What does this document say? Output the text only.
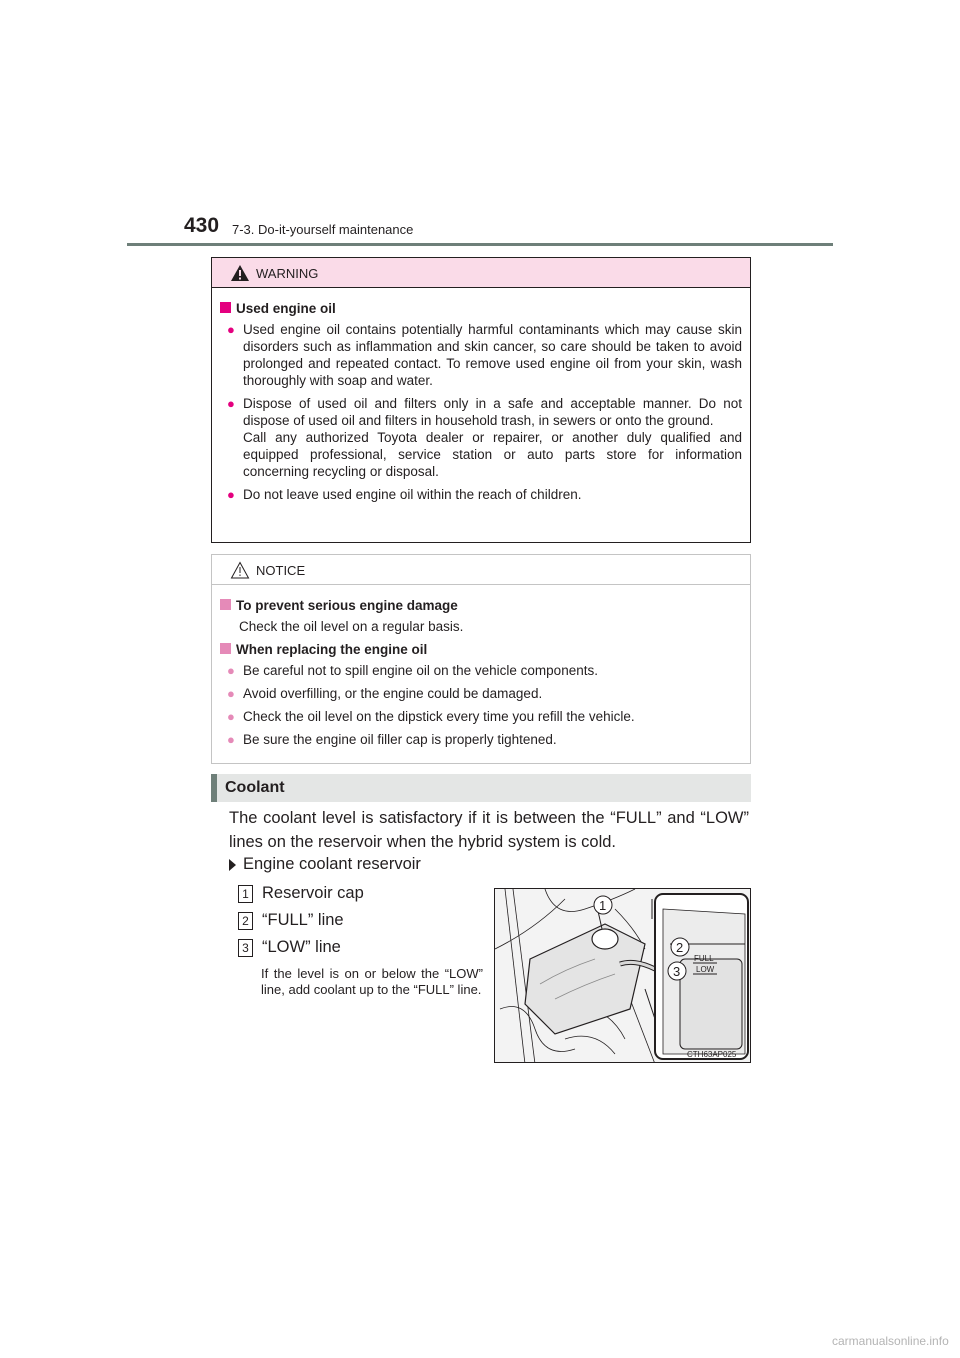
430 7-3. Do-it-yourself maintenance
WARNING
Used engine oil
● Used engine oil contains potentially harmful contaminants which may cause skin disorders such as inflammation and skin cancer, so care should be taken to avoid prolonged and repeated contact. To remove used engine oil from your skin, wash thoroughly with soap and water.
● Dispose of used oil and filters only in a safe and acceptable manner. Do not dispose of used oil and filters in household trash, in sewers or onto the ground.
Call any authorized Toyota dealer or repairer, or another duly qualified and equipped professional, service station or auto parts store for information concerning recycling or disposal.
● Do not leave used engine oil within the reach of children.
NOTICE
To prevent serious engine damage
Check the oil level on a regular basis.
When replacing the engine oil
● Be careful not to spill engine oil on the vehicle components.
● Avoid overfilling, or the engine could be damaged.
● Check the oil level on the dipstick every time you refill the vehicle.
● Be sure the engine oil filler cap is properly tightened.
Coolant
The coolant level is satisfactory if it is between the “FULL” and “LOW” lines on the reservoir when the hybrid system is cold.
Engine coolant reservoir
1 Reservoir cap
2 “FULL” line
3 “LOW” line
If the level is on or below the “LOW” line, add coolant up to the “FULL” line.
FULL
LOW
1
2
3
CTH63AP025
carmanualsonline.info
